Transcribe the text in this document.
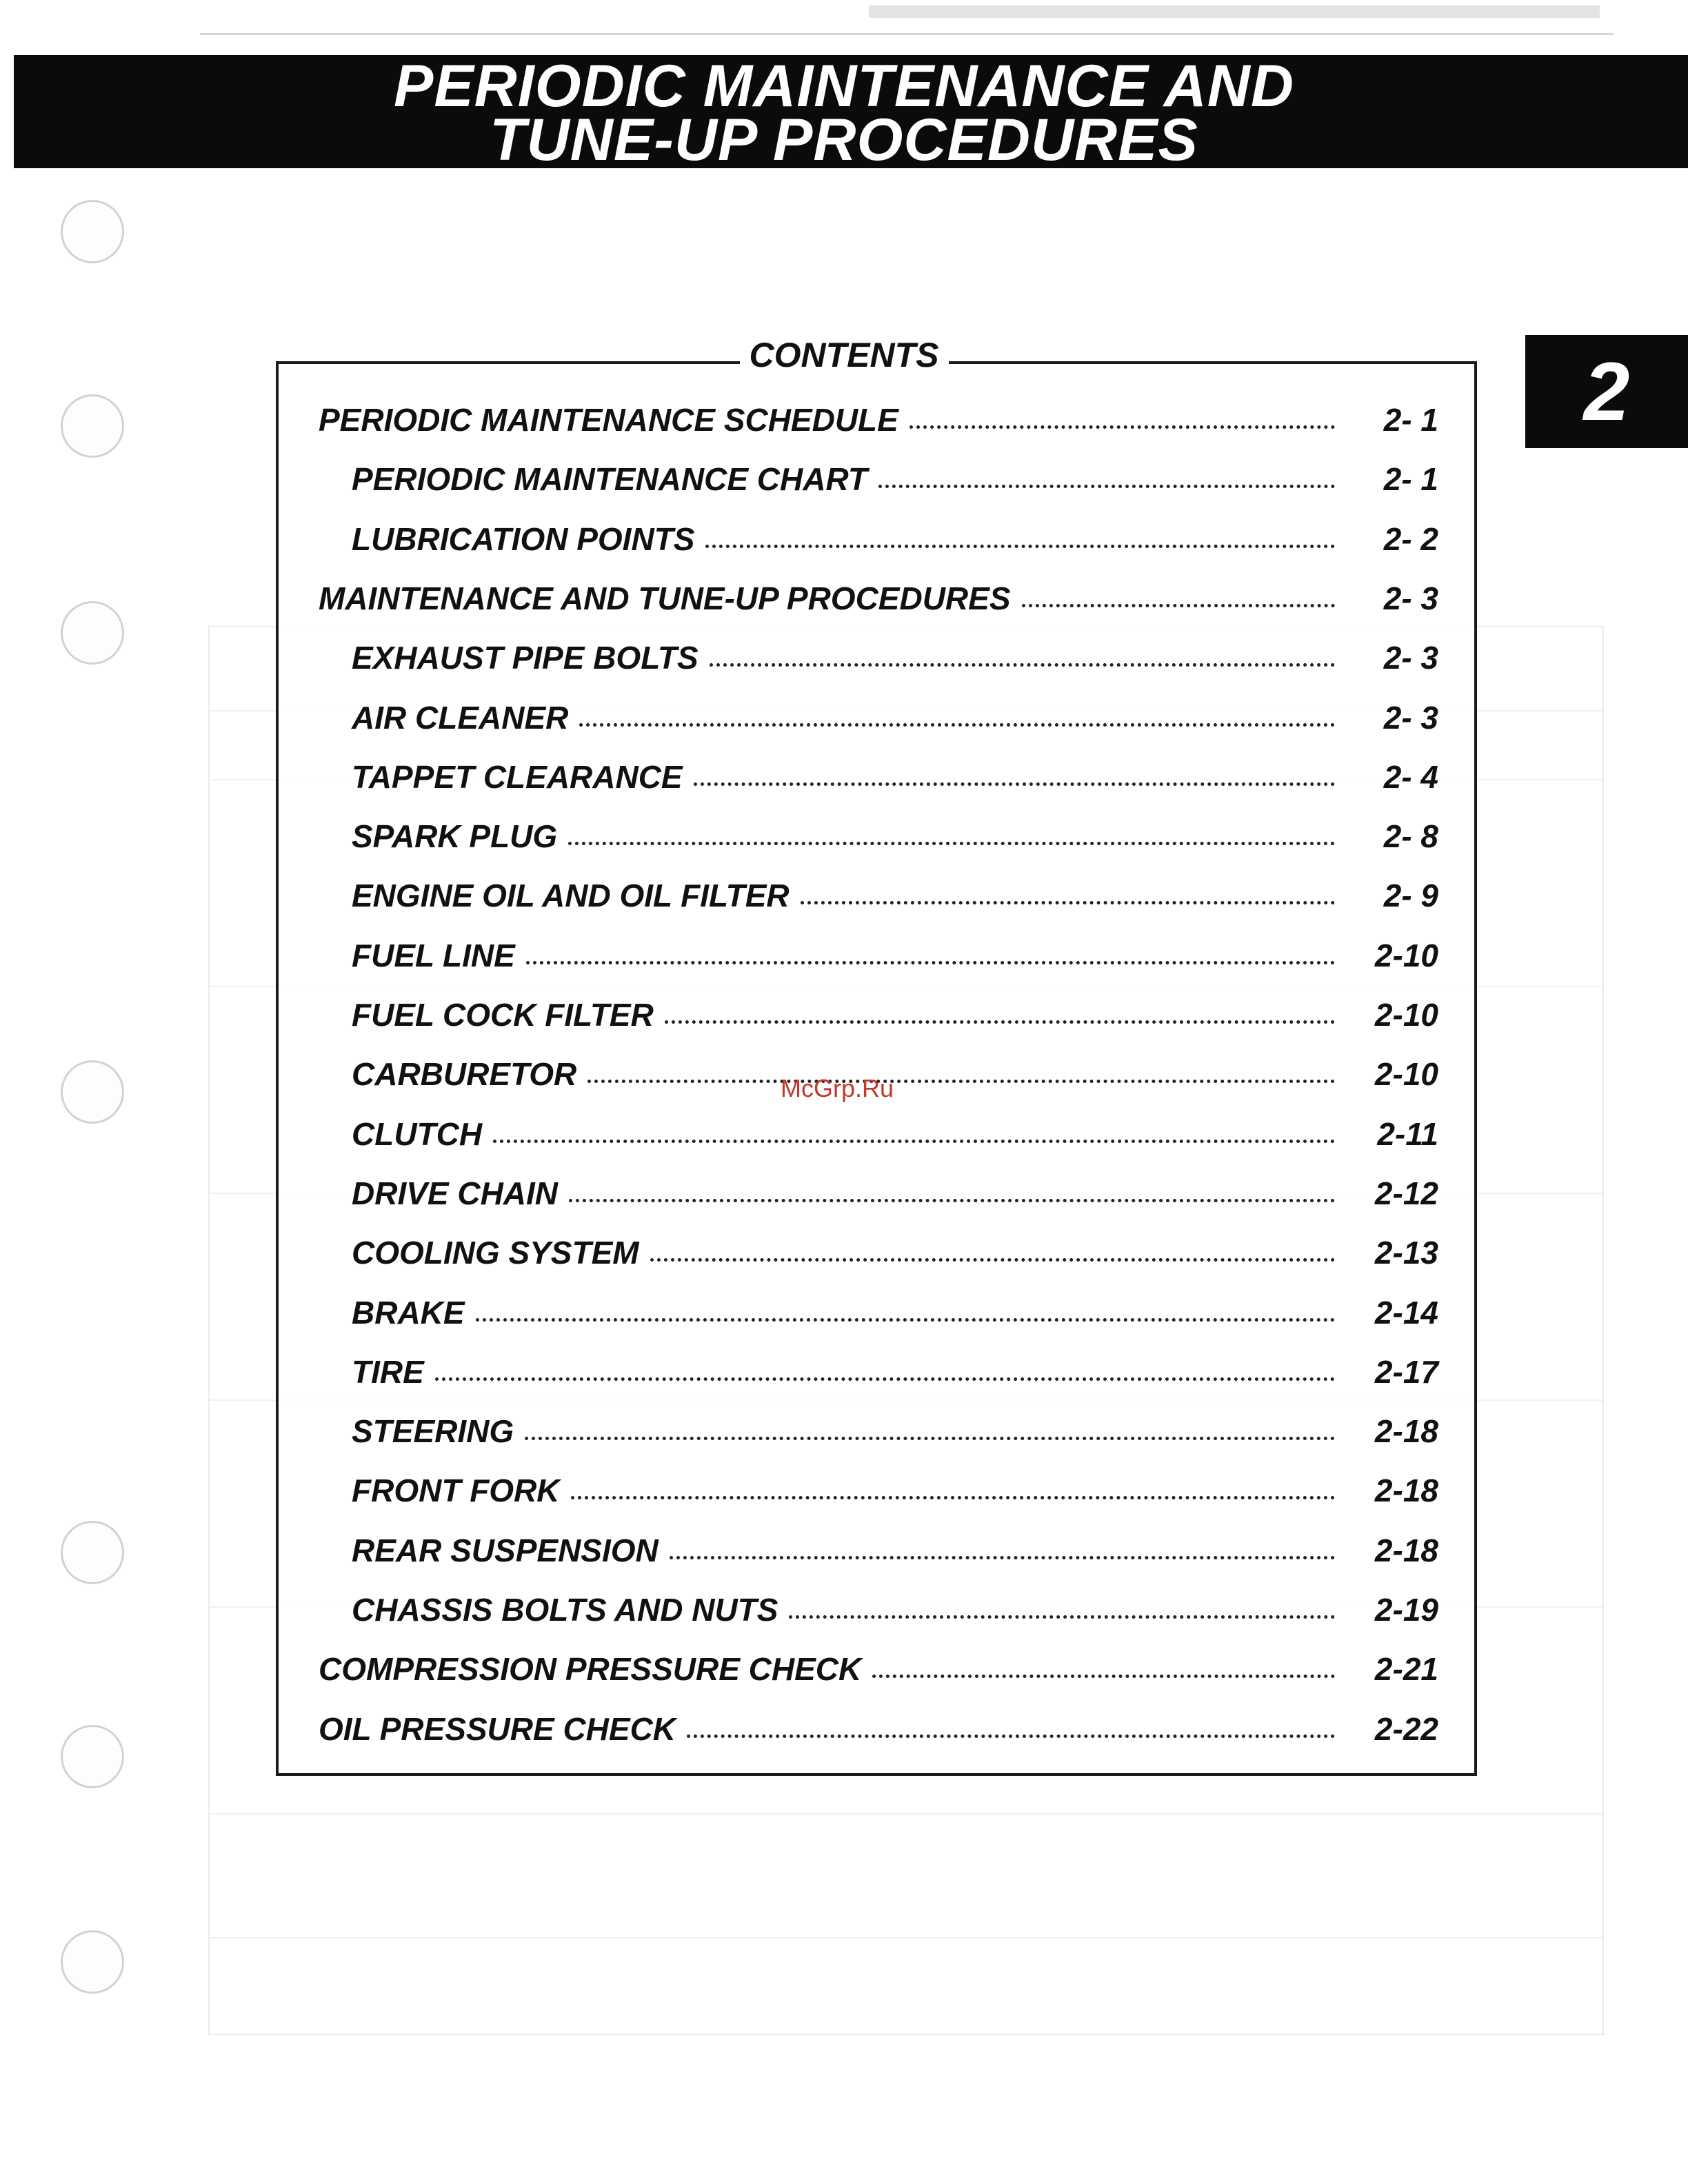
PERIODIC MAINTENANCE AND
TUNE-UP PROCEDURES
2
CONTENTS
PERIODIC MAINTENANCE SCHEDULE	2- 1
PERIODIC MAINTENANCE CHART	2- 1
LUBRICATION POINTS	2- 2
MAINTENANCE AND TUNE-UP PROCEDURES	2- 3
EXHAUST PIPE BOLTS	2- 3
AIR CLEANER	2- 3
TAPPET CLEARANCE	2- 4
SPARK PLUG	2- 8
ENGINE OIL AND OIL FILTER	2- 9
FUEL LINE	2-10
FUEL COCK FILTER	2-10
CARBURETOR	2-10
CLUTCH	2-11
DRIVE CHAIN	2-12
COOLING SYSTEM	2-13
BRAKE	2-14
TIRE	2-17
STEERING	2-18
FRONT FORK	2-18
REAR SUSPENSION	2-18
CHASSIS BOLTS AND NUTS	2-19
COMPRESSION PRESSURE CHECK	2-21
OIL PRESSURE CHECK	2-22
McGrp.Ru
